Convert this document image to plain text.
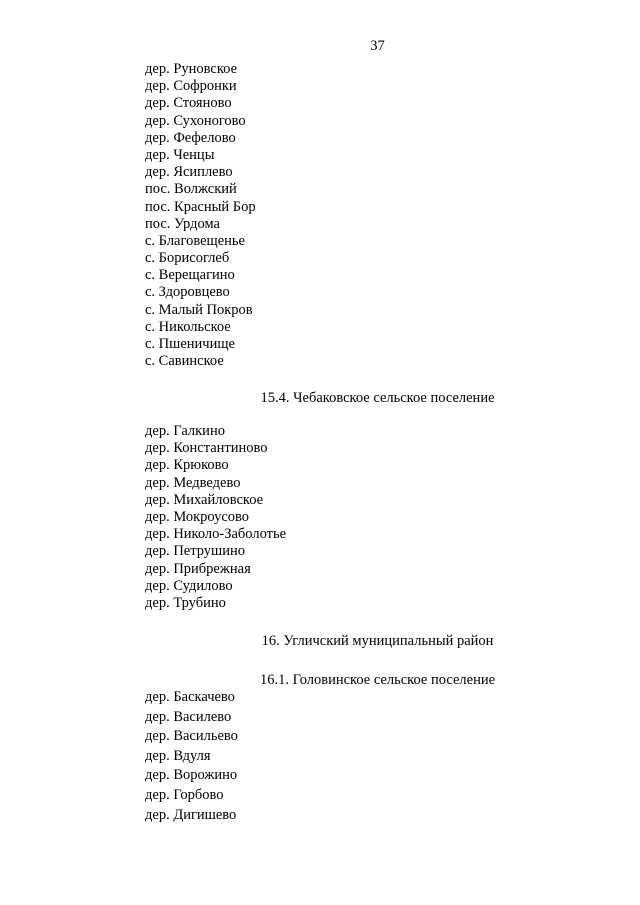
37
дер. Руновское
дер. Софронки
дер. Стояново
дер. Сухоногово
дер. Фефелово
дер. Ченцы
дер. Ясиплево
пос. Волжский
пос. Красный Бор
пос. Урдома
с. Благовещенье
с. Борисоглеб
с. Верещагино
с. Здоровцево
с. Малый Покров
с. Никольское
с. Пшеничище
с. Савинское
15.4. Чебаковское сельское поселение
дер. Галкино
дер. Константиново
дер. Крюково
дер. Медведево
дер. Михайловское
дер. Мокроусово
дер. Николо-Заболотье
дер. Петрушино
дер. Прибрежная
дер. Судилово
дер. Трубино
16. Угличский муниципальный район
16.1. Головинское сельское поселение
дер. Баскачево
дер. Василево
дер. Васильево
дер. Вдуля
дер. Ворожино
дер. Горбово
дер. Дигишево
